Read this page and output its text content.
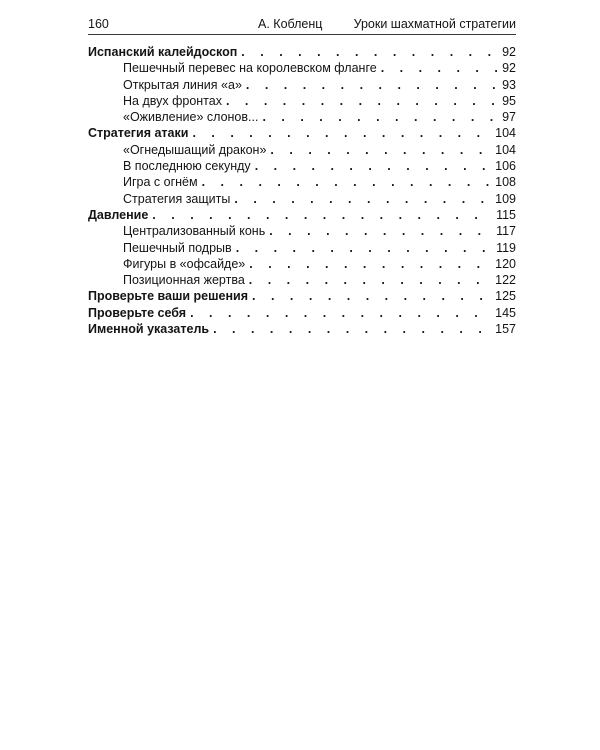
160	А. Кобленц Уроки шахматной стратегии
Испанский калейдоскоп . . .	92
Пешечный перевес на королевском фланге . . .	92
Открытая линия «а» . . .	93
На двух фронтах . . .	95
«Оживление» слонов... . . .	97
Стратегия атаки . . .	104
«Огнедышащий дракон» . . .	104
В последнюю секунду . . .	106
Игра с огнём . . .	108
Стратегия защиты . . .	109
Давление . . .	115
Централизованный конь . . .	117
Пешечный подрыв . . .	119
Фигуры в «офсайде» . . .	120
Позиционная жертва . . .	122
Проверьте ваши решения . . .	125
Проверьте себя . . .	145
Именной указатель . . .	157
